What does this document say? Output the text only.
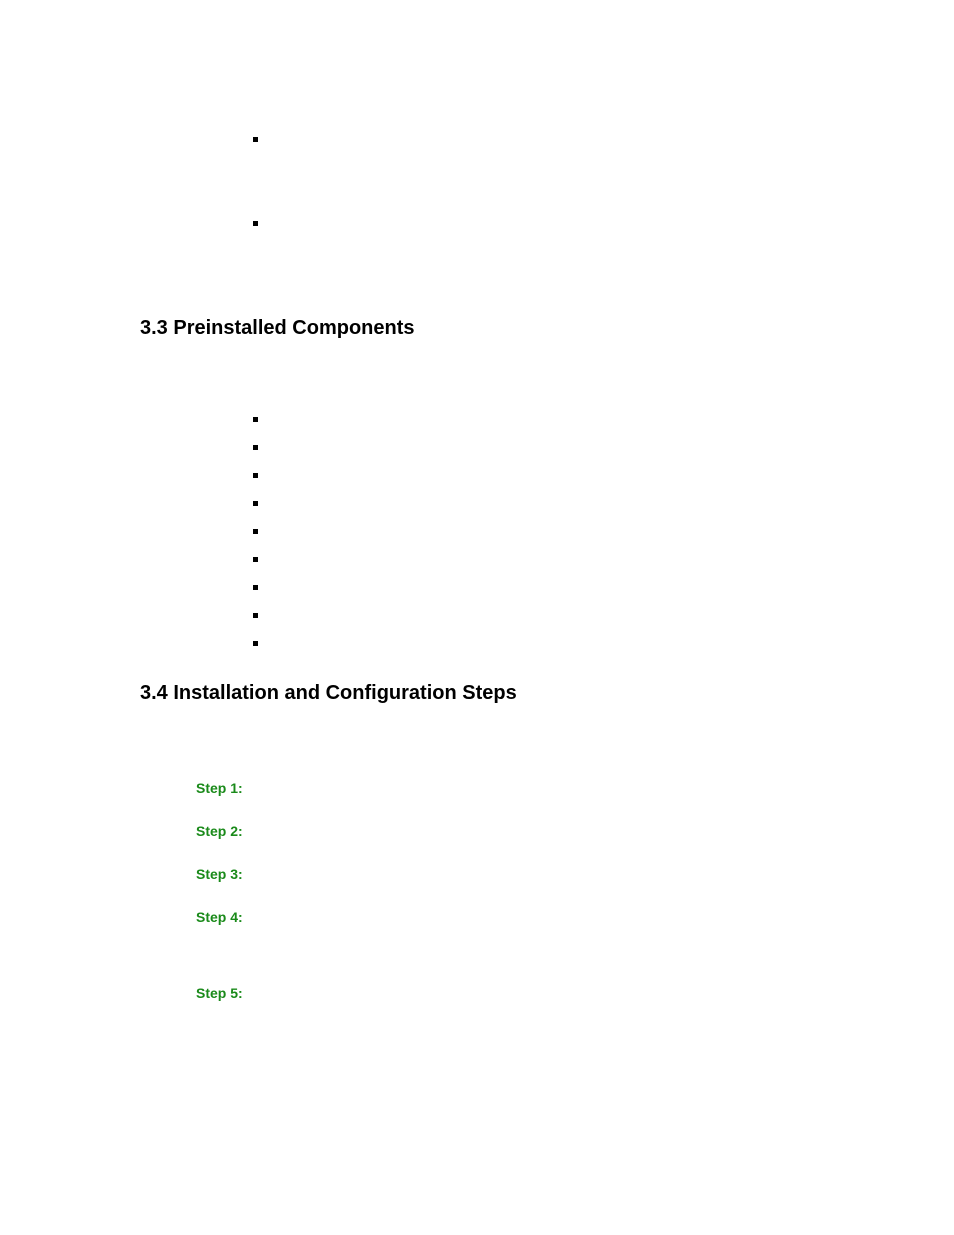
3.3 Preinstalled Components
3.4 Installation and Configuration Steps
Step 1:
Step 2:
Step 3:
Step 4:
Step 5:
